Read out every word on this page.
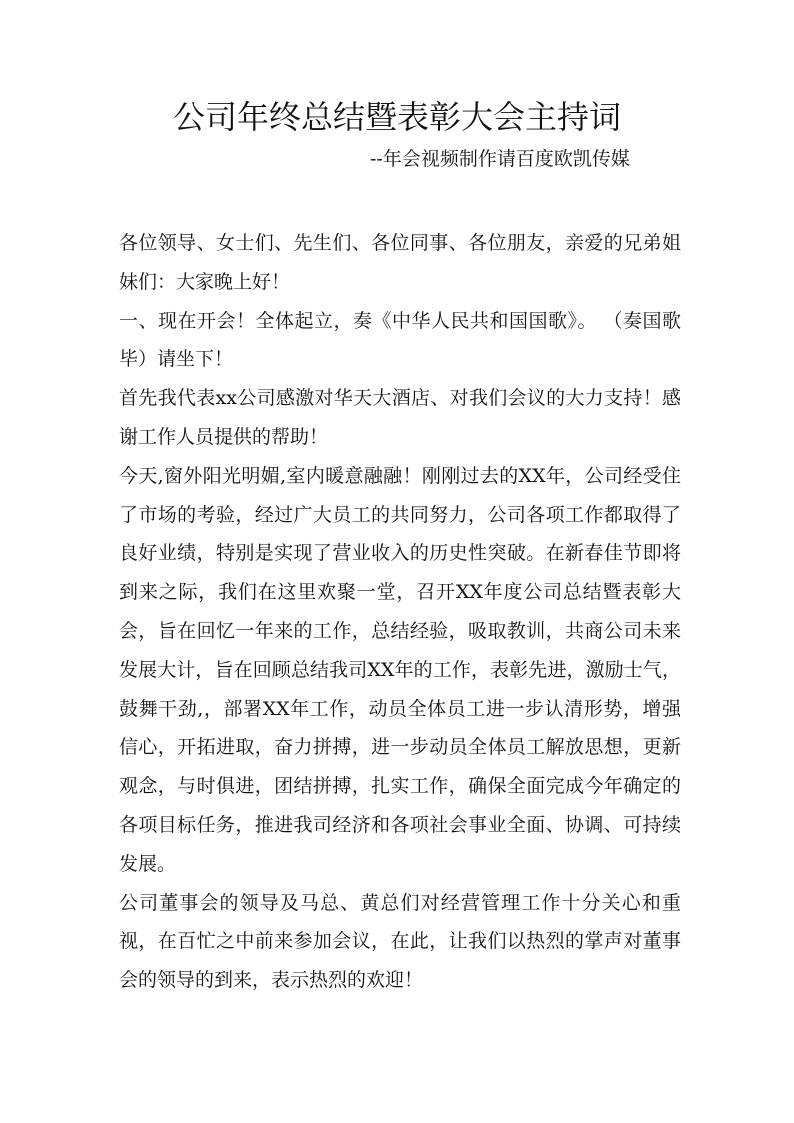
公司年终总结暨表彰大会主持词

--年会视频制作请百度欧凯传媒

各位领导、女士们、先生们、各位同事、各位朋友，亲爱的兄弟姐妹们：大家晚上好！

一、现在开会！全体起立，奏《中华人民共和国国歌》。 （奏国歌毕）请坐下！

首先我代表xx公司感激对华天大酒店、对我们会议的大力支持！感谢工作人员提供的帮助！

今天,窗外阳光明媚,室内暖意融融！刚刚过去的XX年，公司经受住了市场的考验，经过广大员工的共同努力，公司各项工作都取得了良好业绩，特别是实现了营业收入的历史性突破。在新春佳节即将到来之际，我们在这里欢聚一堂，召开XX年度公司总结暨表彰大会，旨在回忆一年来的工作，总结经验，吸取教训，共商公司未来发展大计，旨在回顾总结我司XX年的工作，表彰先进，激励士气，鼓舞干劲,，部署XX年工作，动员全体员工进一步认清形势，增强信心，开拓进取，奋力拼搏，进一步动员全体员工解放思想，更新观念，与时俱进，团结拼搏，扎实工作，确保全面完成今年确定的各项目标任务，推进我司经济和各项社会事业全面、协调、可持续发展。

公司董事会的领导及马总、黄总们对经营管理工作十分关心和重视，在百忙之中前来参加会议，在此，让我们以热烈的掌声对董事会的领导的到来，表示热烈的欢迎！
